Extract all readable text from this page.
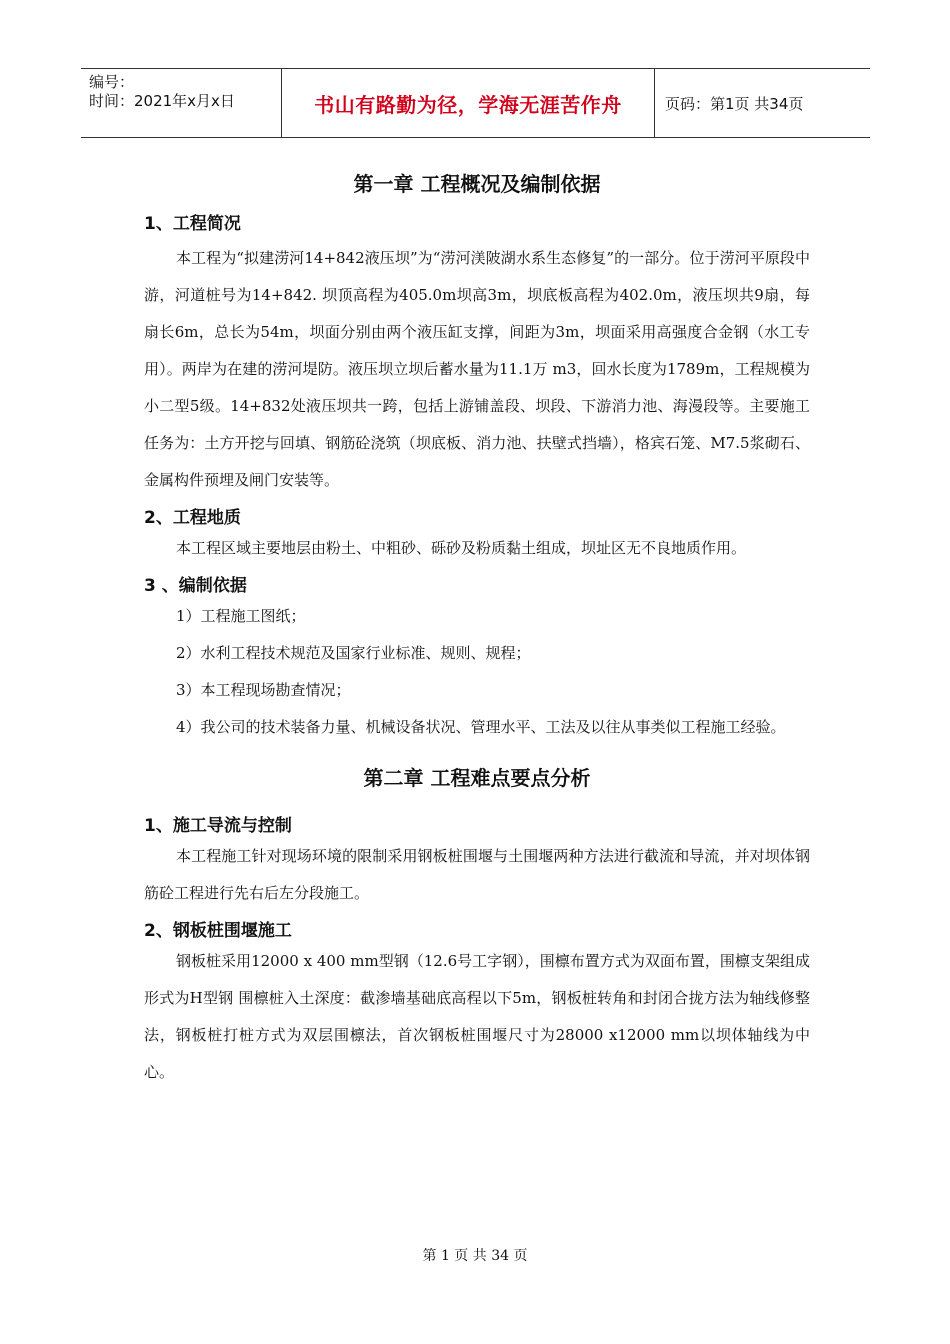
编号：
时间：2021年x月x日	书山有路勤为径，学海无涯苦作舟	页码：第1页 共34页
第一章 工程概况及编制依据
1、工程简况

本工程为“拟建涝河14+842液压坝”为“涝河渼陂湖水系生态修复”的一部分。位于涝河平原段中游，河道桩号为14+842. 坝顶高程为405.0m坝高3m，坝底板高程为402.0m，液压坝共9扇，每扇长6m，总长为54m，坝面分别由两个液压缸支撑，间距为3m，坝面采用高强度合金钢（水工专用）。两岸为在建的涝河堤防。液压坝立坝后蓄水量为11.1万 m3，回水长度为1789m，工程规模为小二型5级。14+832处液压坝共一跨，包括上游铺盖段、坝段、下游消力池、海漫段等。主要施工任务为：土方开挖与回填、钢筋砼浇筑（坝底板、消力池、扶壁式挡墙），格宾石笼、M7.5浆砌石、金属构件预埋及闸门安装等。

2、工程地质

本工程区域主要地层由粉土、中粗砂、砾砂及粉质黏土组成，坝址区无不良地质作用。

3 、编制依据

1）工程施工图纸；

2）水利工程技术规范及国家行业标准、规则、规程；

3）本工程现场勘查情况；

4）我公司的技术装备力量、机械设备状况、管理水平、工法及以往从事类似工程施工经验。

第二章 工程难点要点分析
1、施工导流与控制

本工程施工针对现场环境的限制采用钢板桩围堰与土围堰两种方法进行截流和导流，并对坝体钢筋砼工程进行先右后左分段施工。

2、钢板桩围堰施工

钢板桩采用12000 x 400 mm型钢（12.6号工字钢），围檩布置方式为双面布置，围檩支架组成形式为H型钢 围檩桩入土深度：截渗墙基础底高程以下5m，钢板桩转角和封闭合拢方法为轴线修整法，钢板桩打桩方式为双层围檩法，首次钢板桩围堰尺寸为28000 x12000 mm以坝体轴线为中心。

第 1 页 共 34 页
